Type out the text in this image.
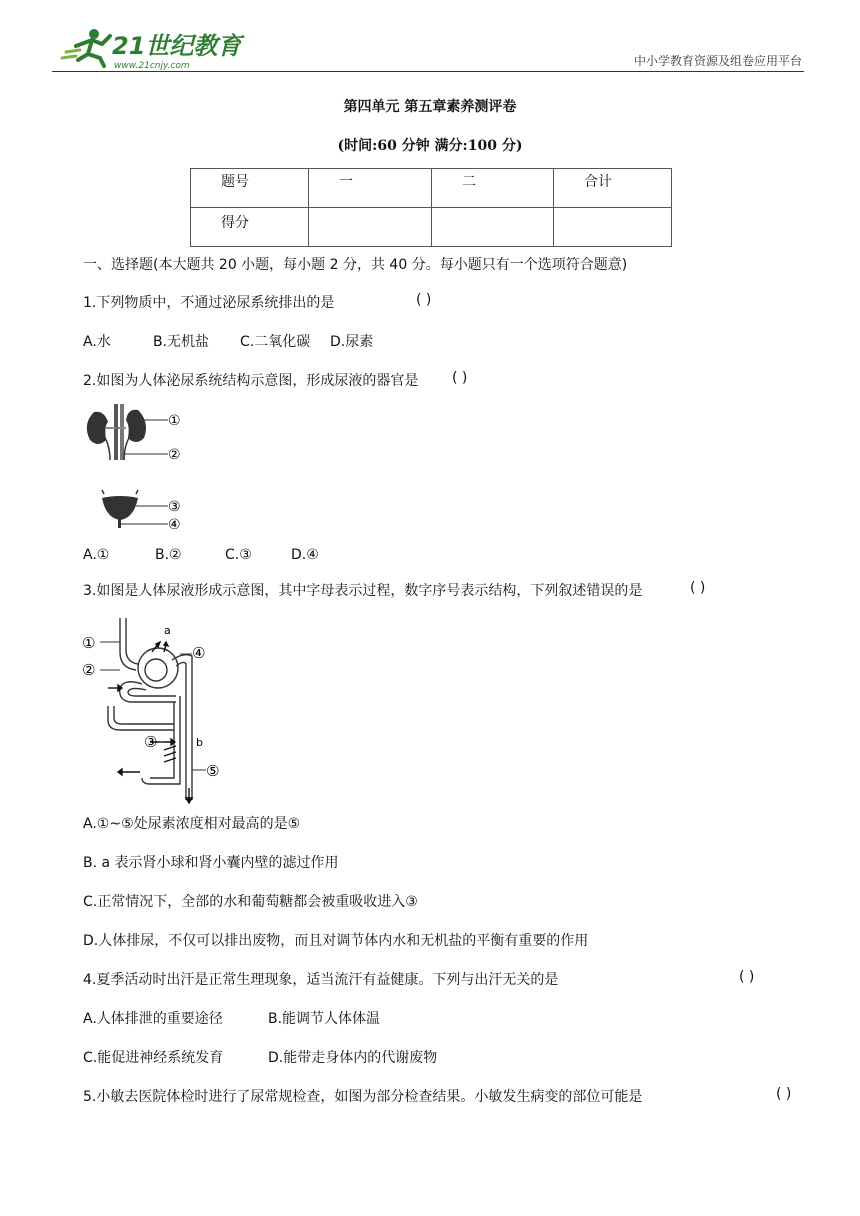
21世纪教育
www.21cnjy.com	中小学教育资源及组卷应用平台
第四单元 第五章素养测评卷
(时间:60 分钟 满分:100 分)
题号	一	二	合计

得分			

一、选择题(本大题共 20 小题，每小题 2 分，共 40 分。每小题只有一个选项符合题意)
1.下列物质中，不通过泌尿系统排出的是	( )
A.水	B.无机盐 C.二氧化碳 D.尿素
2.如图为人体泌尿系统结构示意图，形成尿液的器官是 ( )
①
②
③
④
A.①	B.②	C.③	D.④
3.如图是人体尿液形成示意图，其中字母表示过程，数字序号表示结构，下列叙述错误的是	( )
①
②
④
③
⑤
a
b
A.①~⑤处尿素浓度相对最高的是⑤
B. a 表示肾小球和肾小囊内壁的滤过作用
C.正常情况下，全部的水和葡萄糖都会被重吸收进入③
D.人体排尿，不仅可以排出废物，而且对调节体内水和无机盐的平衡有重要的作用
4.夏季活动时出汗是正常生理现象，适当流汗有益健康。下列与出汗无关的是	( )
A.人体排泄的重要途径	B.能调节人体体温
C.能促进神经系统发育	D.能带走身体内的代谢废物
5.小敏去医院体检时进行了尿常规检查，如图为部分检查结果。小敏发生病变的部位可能是	( )
